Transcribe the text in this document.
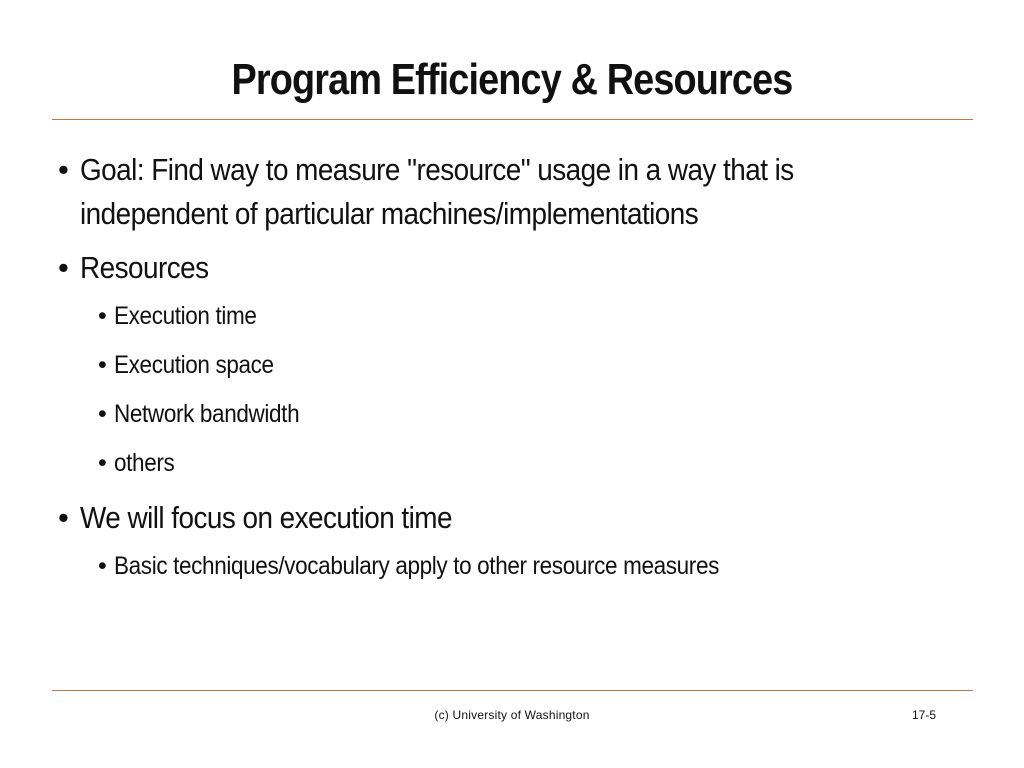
Program Efficiency & Resources
• Goal: Find way to measure "resource" usage in a way that is
independent of particular machines/implementations
• Resources
• Execution time
• Execution space
• Network bandwidth
• others
• We will focus on execution time
• Basic techniques/vocabulary apply to other resource measures
(c) University of Washington	17-5
